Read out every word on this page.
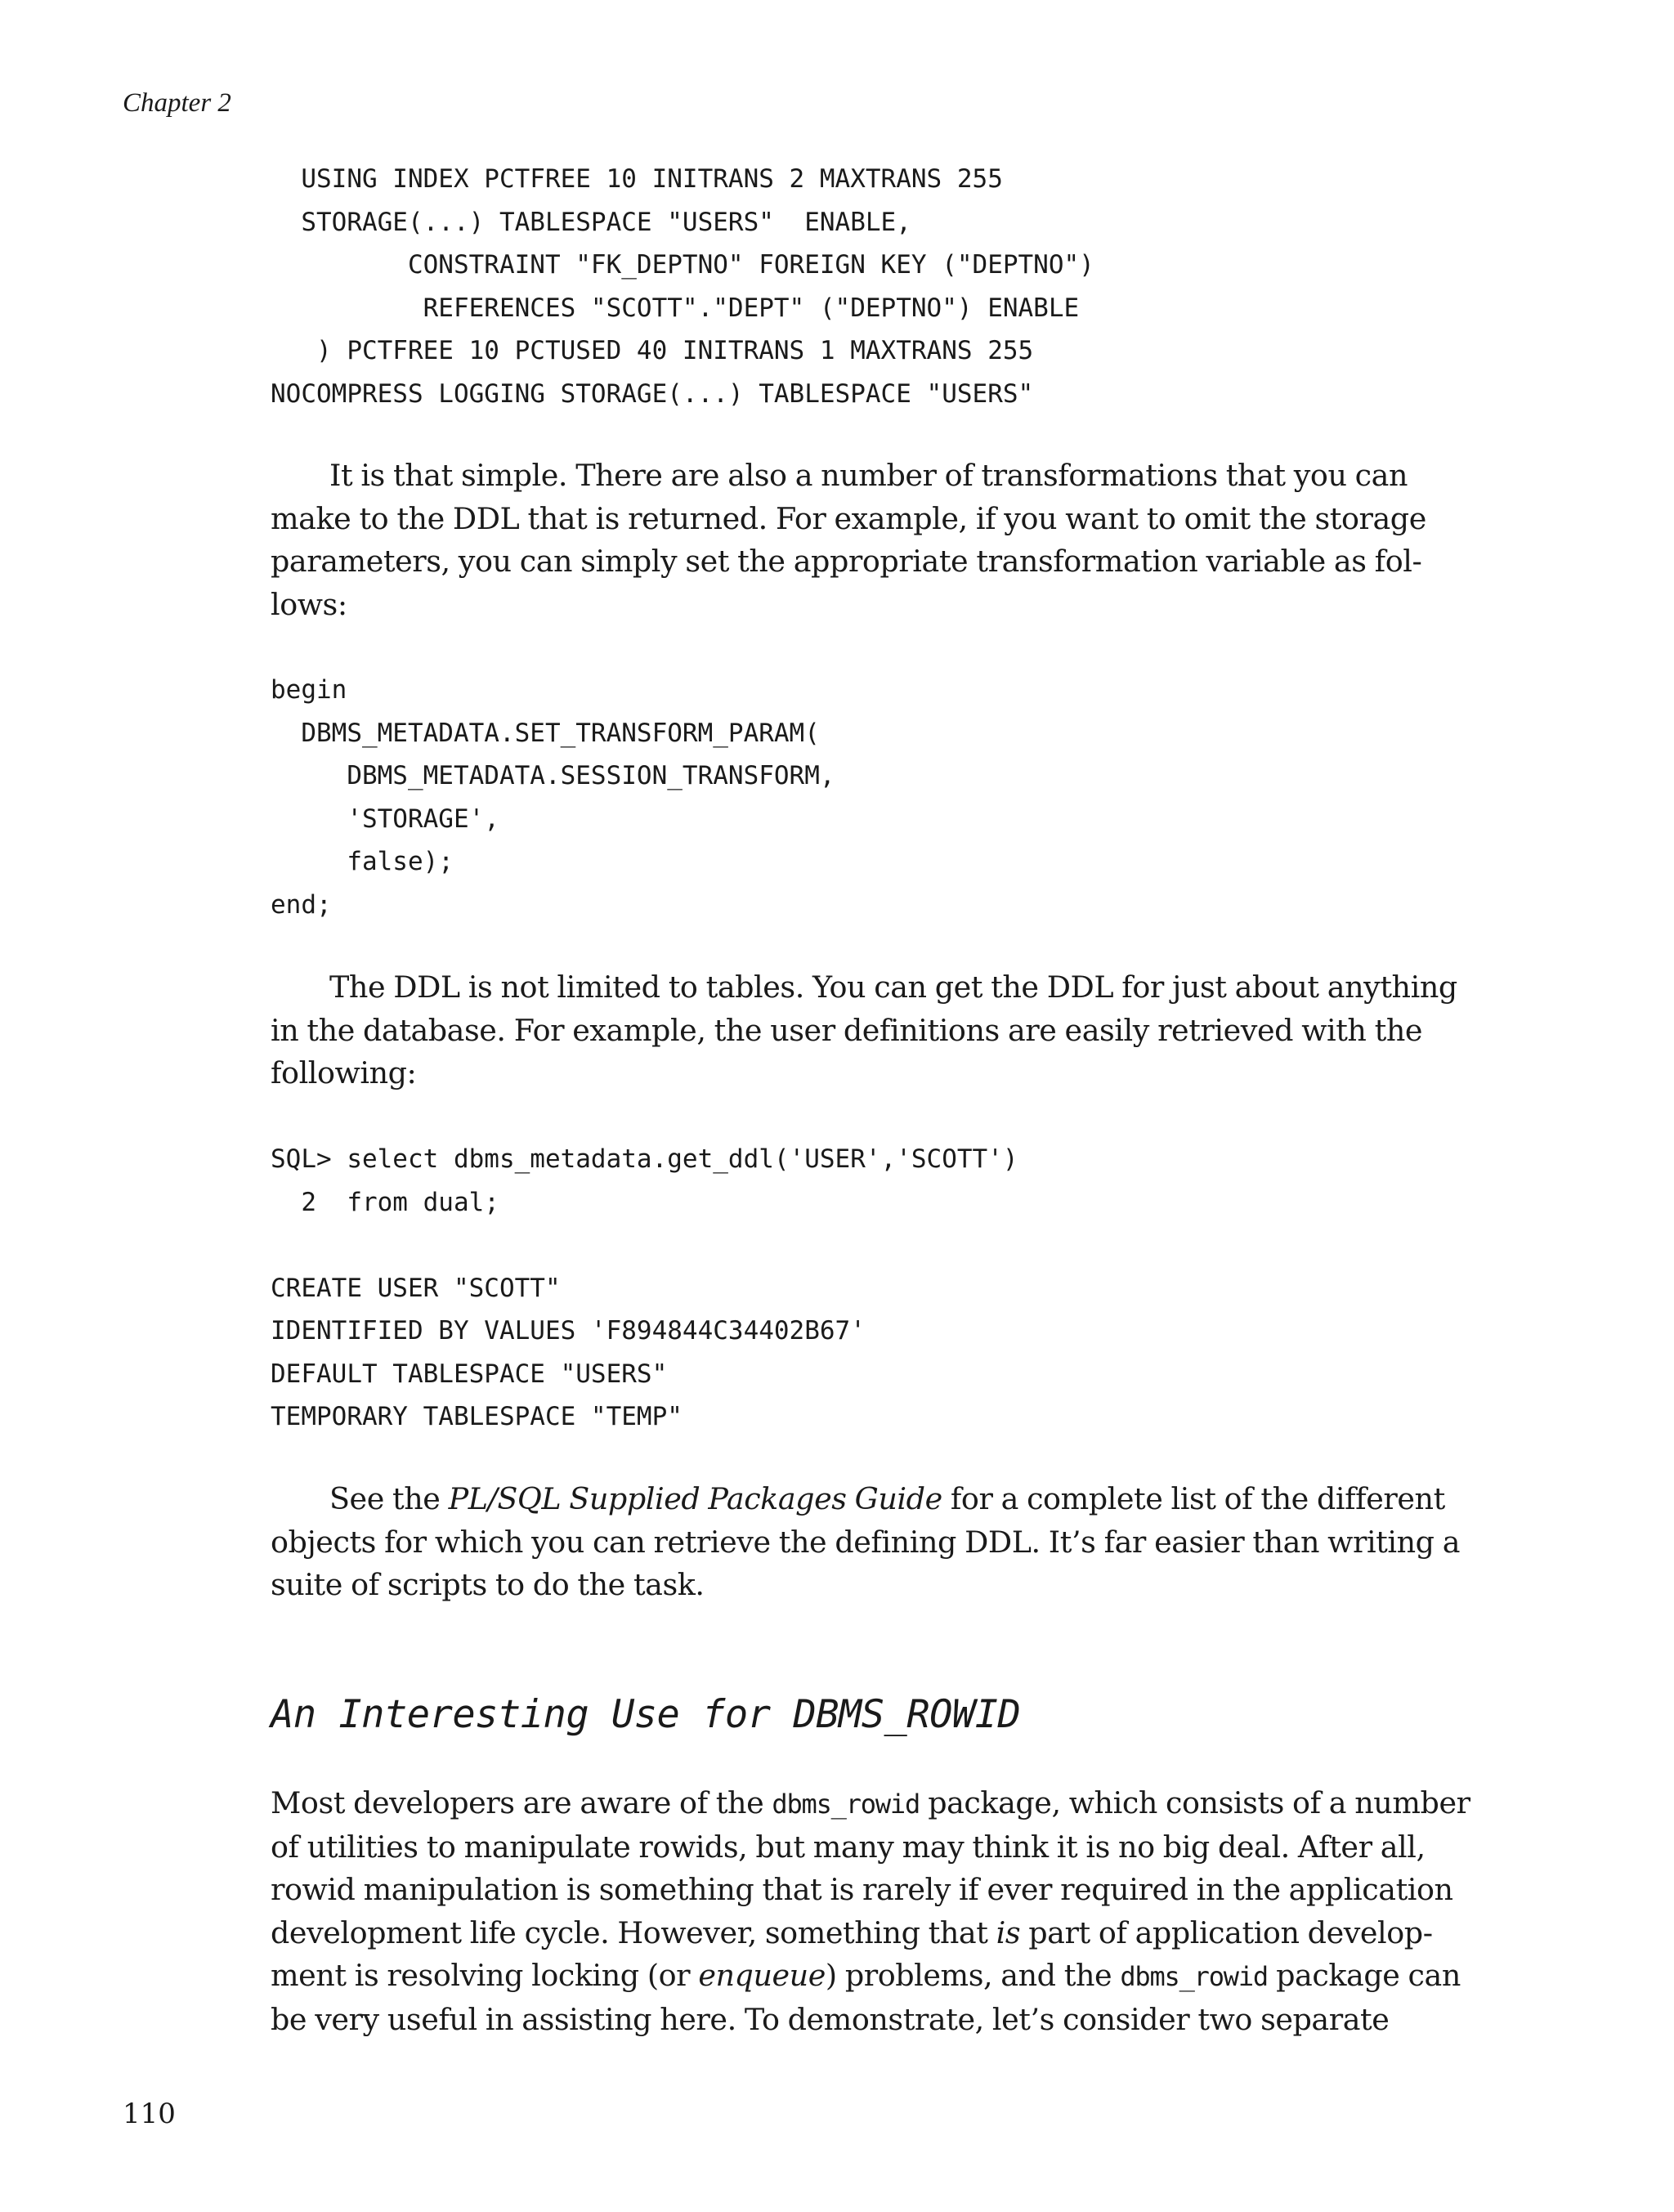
Chapter 2
USING INDEX PCTFREE 10 INITRANS 2 MAXTRANS 255
STORAGE(...) TABLESPACE "USERS"  ENABLE,
CONSTRAINT "FK_DEPTNO" FOREIGN KEY ("DEPTNO")
REFERENCES "SCOTT"."DEPT" ("DEPTNO") ENABLE
) PCTFREE 10 PCTUSED 40 INITRANS 1 MAXTRANS 255
NOCOMPRESS LOGGING STORAGE(...) TABLESPACE "USERS"

It is that simple. There are also a number of transformations that you can
make to the DDL that is returned. For example, if you want to omit the storage
parameters, you can simply set the appropriate transformation variable as fol-
lows:

begin
DBMS_METADATA.SET_TRANSFORM_PARAM(
DBMS_METADATA.SESSION_TRANSFORM,
'STORAGE',
false);
end;

The DDL is not limited to tables. You can get the DDL for just about anything
in the database. For example, the user definitions are easily retrieved with the
following:

SQL> select dbms_metadata.get_ddl('USER','SCOTT')
2  from dual;

CREATE USER "SCOTT"
IDENTIFIED BY VALUES 'F894844C34402B67'
DEFAULT TABLESPACE "USERS"
TEMPORARY TABLESPACE "TEMP"

See the PL/SQL Supplied Packages Guide for a complete list of the different
objects for which you can retrieve the defining DDL. It’s far easier than writing a
suite of scripts to do the task.

An Interesting Use for DBMS_ROWID

Most developers are aware of the dbms_rowid package, which consists of a number
of utilities to manipulate rowids, but many may think it is no big deal. After all,
rowid manipulation is something that is rarely if ever required in the application
development life cycle. However, something that is part of application develop-
ment is resolving locking (or enqueue) problems, and the dbms_rowid package can
be very useful in assisting here. To demonstrate, let’s consider two separate

110
